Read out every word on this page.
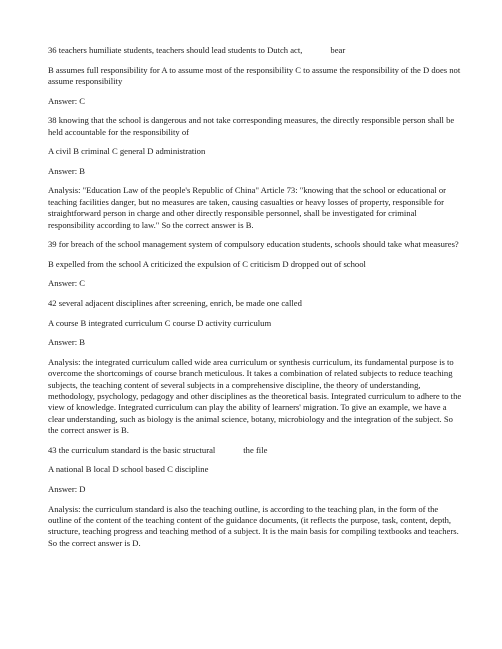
36 teachers humiliate students, teachers should lead students to Dutch act,	bear

B assumes full responsibility for A to assume most of the responsibility C to assume the responsibility of the D does not assume responsibility

Answer: C

38 knowing that the school is dangerous and not take corresponding measures, the directly responsible person shall be held accountable for the responsibility of

A civil B criminal C general D administration

Answer: B

Analysis: "Education Law of the people's Republic of China" Article 73: "knowing that the school or educational or teaching facilities danger, but no measures are taken, causing casualties or heavy losses of property, responsible for straightforward person in charge and other directly responsible personnel, shall be investigated for criminal responsibility according to law." So the correct answer is B.

39 for breach of the school management system of compulsory education students, schools should take what measures?

B expelled from the school A criticized the expulsion of C criticism D dropped out of school

Answer: C

42 several adjacent disciplines after screening, enrich, be made one called

A course B integrated curriculum C course D activity curriculum

Answer: B

Analysis: the integrated curriculum called wide area curriculum or synthesis curriculum, its fundamental purpose is to overcome the shortcomings of course branch meticulous. It takes a combination of related subjects to reduce teaching subjects, the teaching content of several subjects in a comprehensive discipline, the theory of understanding, methodology, psychology, pedagogy and other disciplines as the theoretical basis. Integrated curriculum to adhere to the view of knowledge. Integrated curriculum can play the ability of learners' migration. To give an example, we have a clear understanding, such as biology is the animal science, botany, microbiology and the integration of the subject. So the correct answer is B.

43 the curriculum standard is the basic structural	the file

A national B local D school based C discipline

Answer: D

Analysis: the curriculum standard is also the teaching outline, is according to the teaching plan, in the form of the outline of the content of the teaching content of the guidance documents, (it reflects the purpose, task, content, depth, structure, teaching progress and teaching method of a subject. It is the main basis for compiling textbooks and teachers. So the correct answer is D.
